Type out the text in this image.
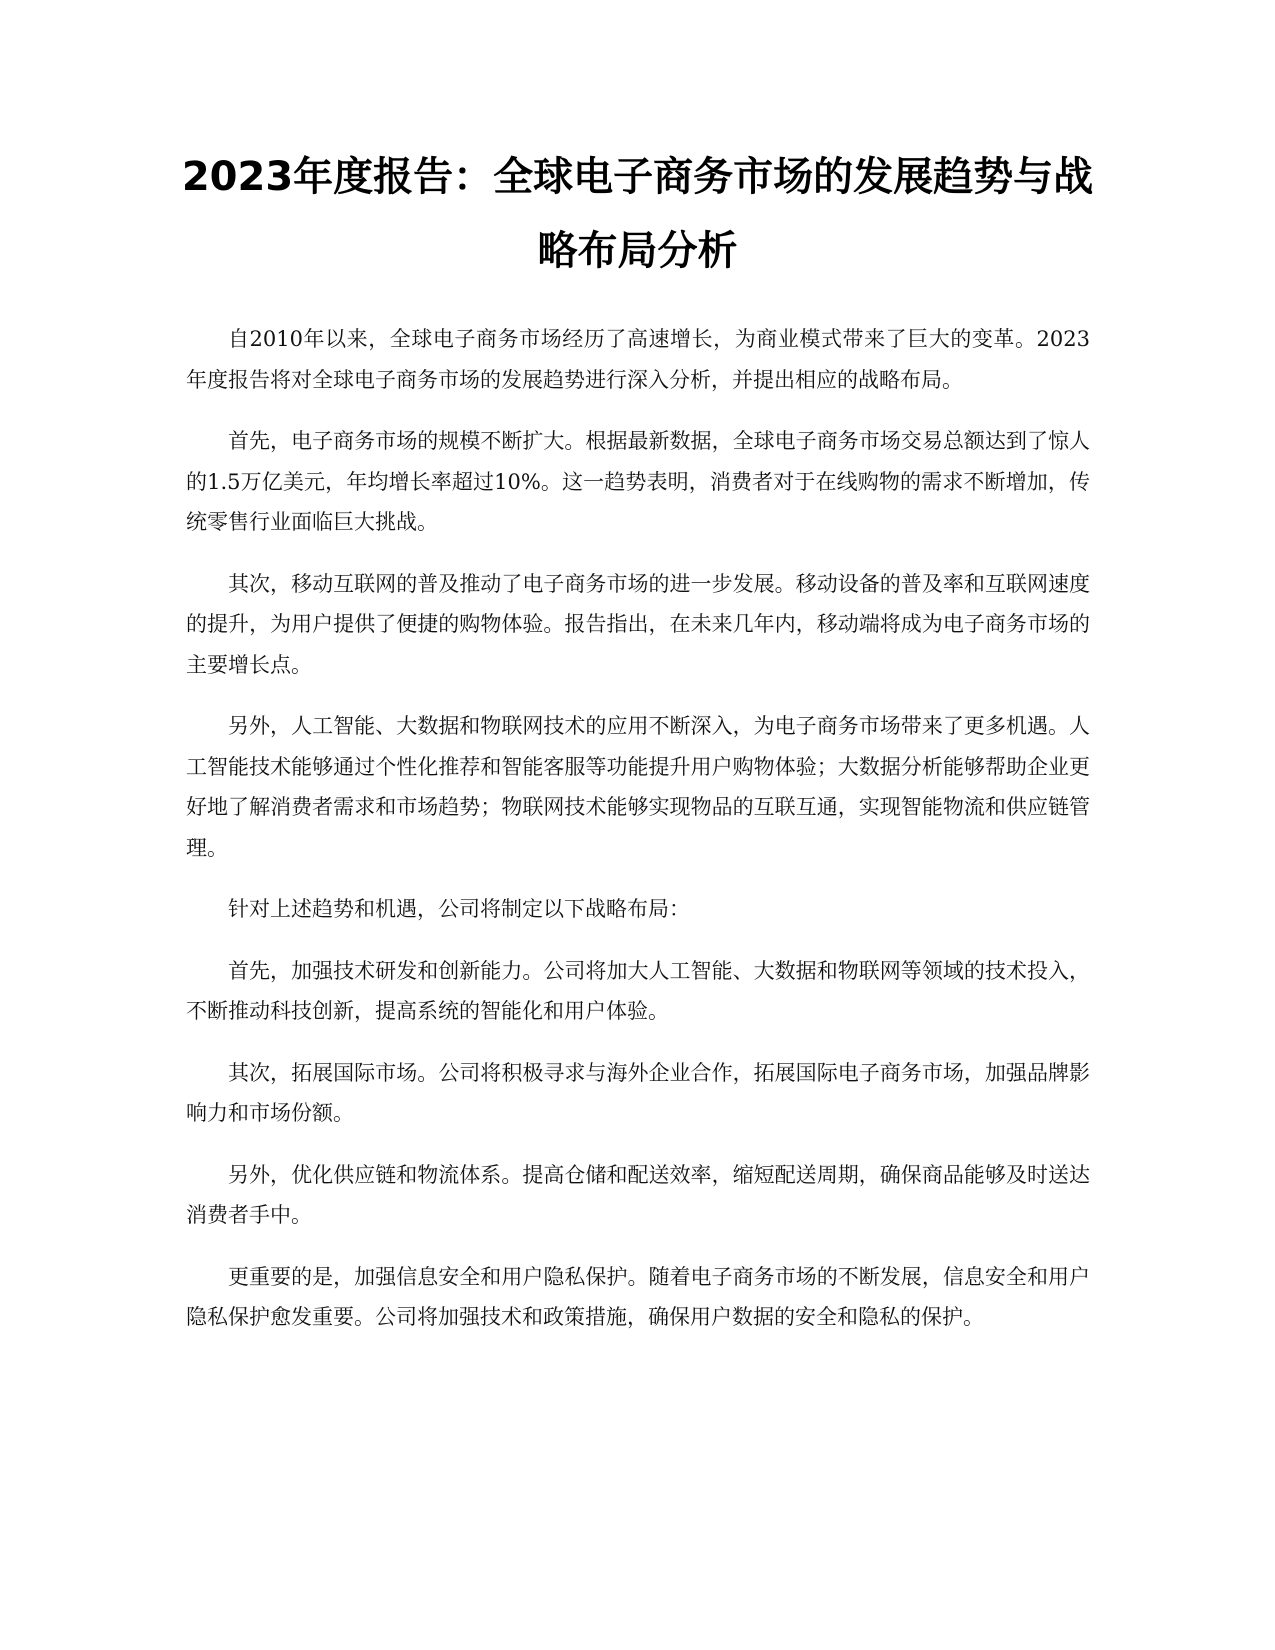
2023年度报告：全球电子商务市场的发展趋势与战略布局分析

自2010年以来，全球电子商务市场经历了高速增长，为商业模式带来了巨大的变革。2023年度报告将对全球电子商务市场的发展趋势进行深入分析，并提出相应的战略布局。

首先，电子商务市场的规模不断扩大。根据最新数据，全球电子商务市场交易总额达到了惊人的1.5万亿美元，年均增长率超过10%。这一趋势表明，消费者对于在线购物的需求不断增加，传统零售行业面临巨大挑战。

其次，移动互联网的普及推动了电子商务市场的进一步发展。移动设备的普及率和互联网速度的提升，为用户提供了便捷的购物体验。报告指出，在未来几年内，移动端将成为电子商务市场的主要增长点。

另外，人工智能、大数据和物联网技术的应用不断深入，为电子商务市场带来了更多机遇。人工智能技术能够通过个性化推荐和智能客服等功能提升用户购物体验；大数据分析能够帮助企业更好地了解消费者需求和市场趋势；物联网技术能够实现物品的互联互通，实现智能物流和供应链管理。

针对上述趋势和机遇，公司将制定以下战略布局：

首先，加强技术研发和创新能力。公司将加大人工智能、大数据和物联网等领域的技术投入，不断推动科技创新，提高系统的智能化和用户体验。

其次，拓展国际市场。公司将积极寻求与海外企业合作，拓展国际电子商务市场，加强品牌影响力和市场份额。

另外，优化供应链和物流体系。提高仓储和配送效率，缩短配送周期，确保商品能够及时送达消费者手中。

更重要的是，加强信息安全和用户隐私保护。随着电子商务市场的不断发展，信息安全和用户隐私保护愈发重要。公司将加强技术和政策措施，确保用户数据的安全和隐私的保护。
